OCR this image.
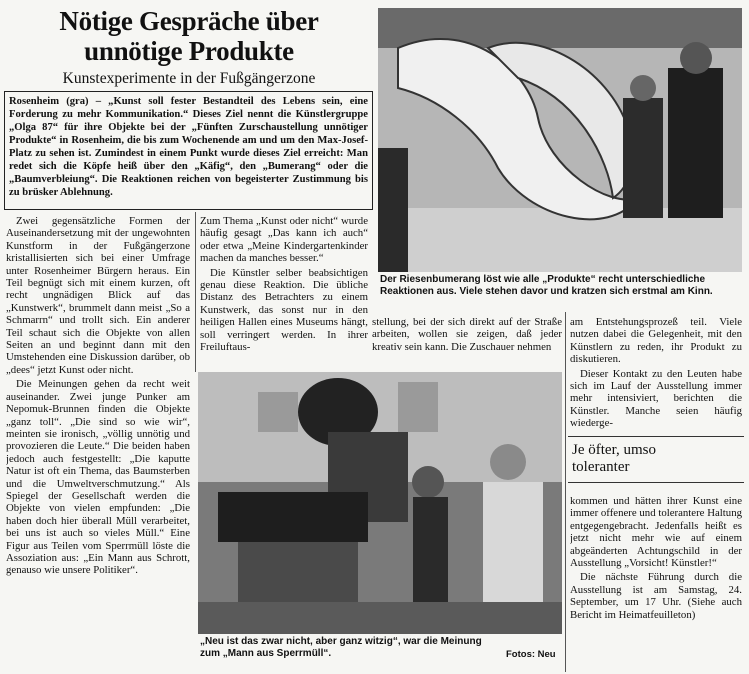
Nötige Gespräche über
unnötige Produkte
Kunstexperimente in der Fußgängerzone
Rosenheim (gra) – „Kunst soll fester Bestandteil des Lebens sein, eine Forderung zu mehr Kommunikation.“ Dieses Ziel nennt die Künstlergruppe „Olga 87“ für ihre Objekte bei der „Fünften Zurschaustellung unnötiger Produkte“ in Rosenheim, die bis zum Wochenende am und um den Max-Josef-Platz zu sehen ist. Zumindest in einem Punkt wurde dieses Ziel erreicht: Man redet sich die Köpfe heiß über den „Käfig“, den „Bumerang“ oder die „Baumverbleiung“. Die Reaktionen reichen von begeisterter Zustimmung bis zu brüsker Ablehnung.
Der Riesenbumerang löst wie alle „Produkte“ recht unterschiedliche Reaktionen aus. Viele stehen davor und kratzen sich erstmal am Kinn.

Zwei gegensätzliche Formen der Auseinandersetzung mit der ungewohnten Kunstform in der Fußgängerzone kristallisierten sich bei einer Umfrage unter Rosenheimer Bürgern heraus. Ein Teil begnügt sich mit einem kurzen, oft recht ungnädigen Blick auf das „Kunstwerk“, brummelt dann meist „So a Schmarrn“ und trollt sich. Ein anderer Teil schaut sich die Objekte von allen Seiten an und beginnt dann mit den Umstehenden eine Diskussion darüber, ob „dees“ jetzt Kunst oder nicht.

Die Meinungen gehen da recht weit auseinander. Zwei junge Punker am Nepomuk-Brunnen finden die Objekte „ganz toll“. „Die sind so wie wir“, meinten sie ironisch, „völlig unnötig und provozieren die Leute.“ Die beiden haben jedoch auch festgestellt: „Die kaputte Natur ist oft ein Thema, das Baumsterben und die Umweltverschmutzung.“ Als Spiegel der Gesellschaft werden die Objekte von vielen empfunden: „Die haben doch hier überall Müll verarbeitet, bei uns ist auch so vieles Müll.“ Eine Figur aus Teilen vom Sperrmüll löste die Assoziation aus: „Ein Mann aus Schrott, genauso wie unsere Politiker“.

Zum Thema „Kunst oder nicht“ wurde häufig gesagt „Das kann ich auch“ oder etwa „Meine Kindergartenkinder machen da manches besser.“

Die Künstler selber beabsichtigen genau diese Reaktion. Die übliche Distanz des Betrachters zu einem Kunstwerk, das sonst nur in den heiligen Hallen eines Museums hängt, soll verringert werden. In ihrer Freiluftaus-

stellung, bei der sich direkt auf der Straße arbeiten, wollen sie zeigen, daß jeder kreativ sein kann. Die Zuschauer nehmen

„Neu ist das zwar nicht, aber ganz witzig“, war die Meinung zum „Mann aus Sperrmüll“.	Fotos: Neu

am Entstehungsprozeß teil. Viele nutzen dabei die Gelegenheit, mit den Künstlern zu reden, ihr Produkt zu diskutieren.

Dieser Kontakt zu den Leuten habe sich im Lauf der Ausstellung immer mehr intensiviert, berichten die Künstler. Manche seien häufig wiederge-

Je öfter, umso
toleranter

kommen und hätten ihrer Kunst eine immer offenere und tolerantere Haltung entgegengebracht. Jedenfalls heißt es jetzt nicht mehr wie auf einem abgeänderten Achtungschild in der Ausstellung „Vorsicht! Künstler!“

Die nächste Führung durch die Ausstellung ist am Samstag, 24. September, um 17 Uhr. (Siehe auch Bericht im Heimatfeuilleton)
